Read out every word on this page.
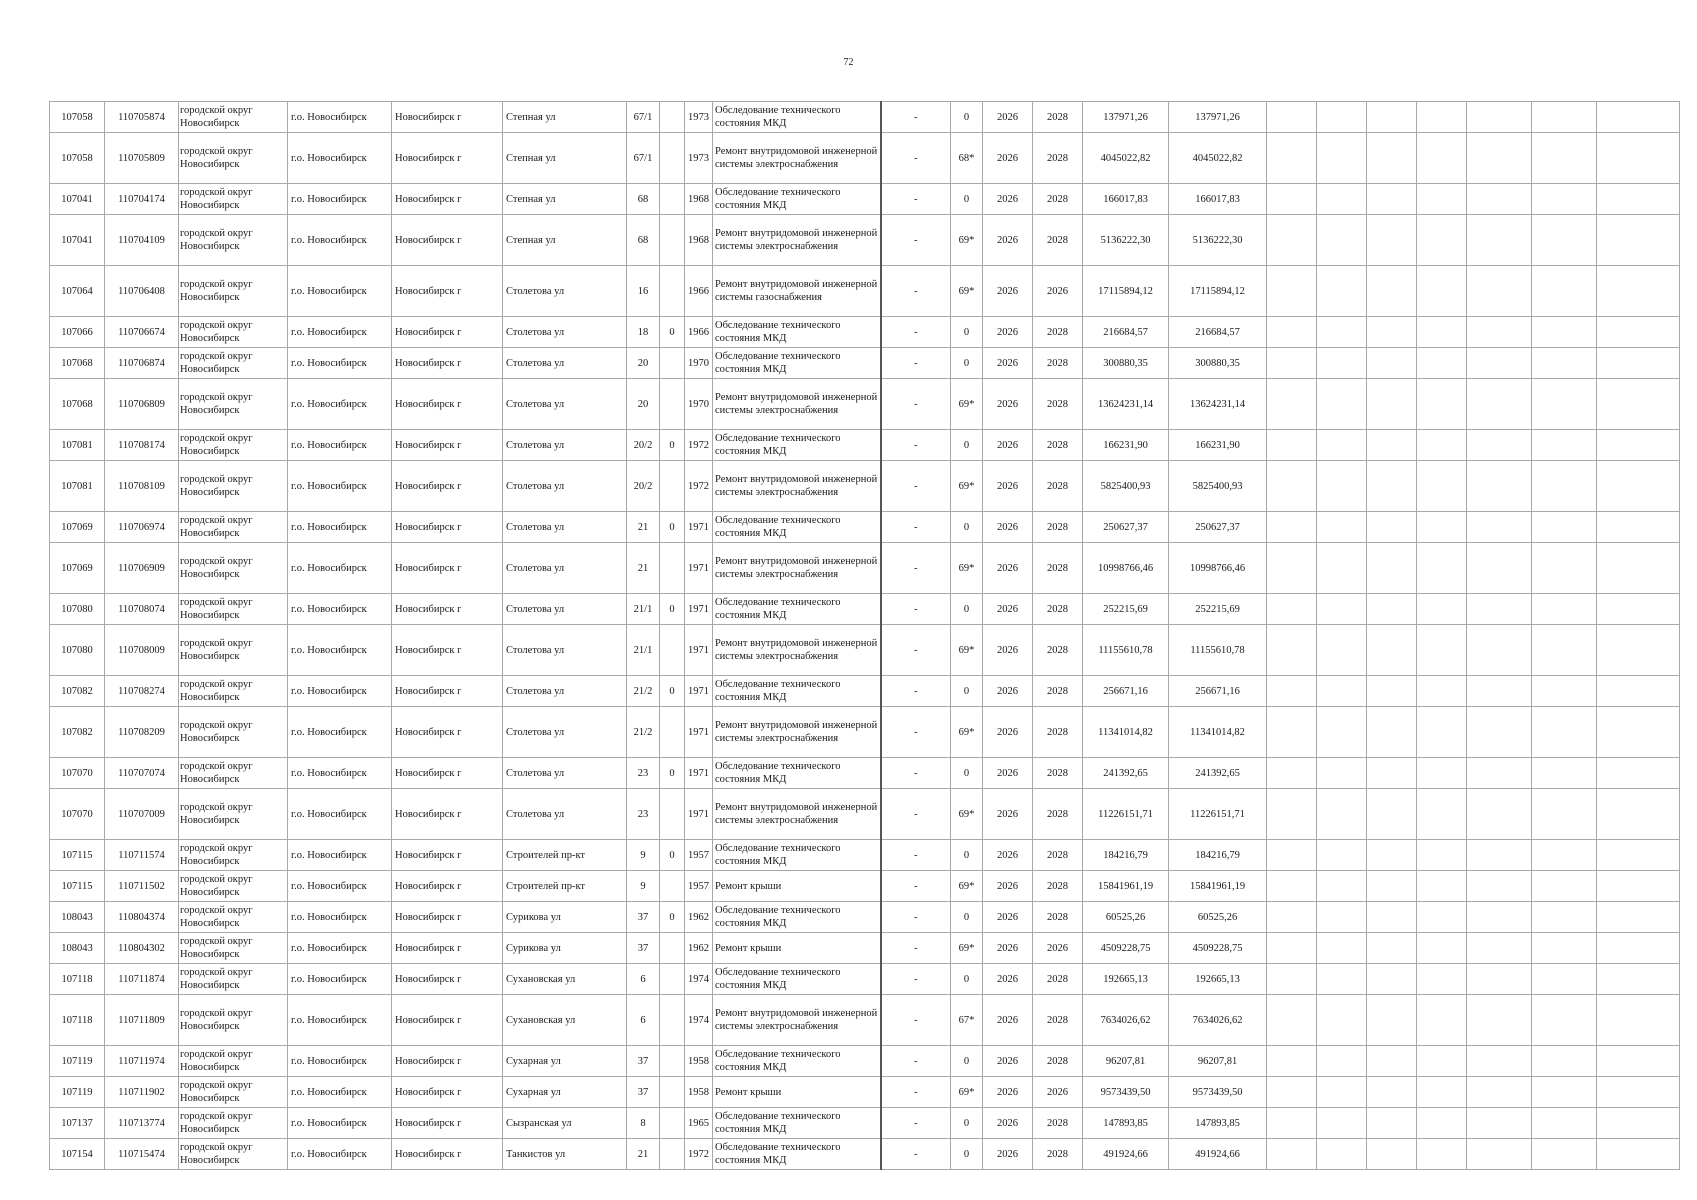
72
107058	110705874	городской округ Новосибирск	г.о. Новосибирск	Новосибирск г	Степная ул	67/1		1973	Обследование технического состояния МКД	-	0	2026	2028	137971,26	137971,26							
107058	110705809	городской округ Новосибирск	г.о. Новосибирск	Новосибирск г	Степная ул	67/1		1973	Ремонт внутридомовой инженерной системы электроснабжения	-	68*	2026	2028	4045022,82	4045022,82							
107041	110704174	городской округ Новосибирск	г.о. Новосибирск	Новосибирск г	Степная ул	68		1968	Обследование технического состояния МКД	-	0	2026	2028	166017,83	166017,83							
107041	110704109	городской округ Новосибирск	г.о. Новосибирск	Новосибирск г	Степная ул	68		1968	Ремонт внутридомовой инженерной системы электроснабжения	-	69*	2026	2028	5136222,30	5136222,30							
107064	110706408	городской округ Новосибирск	г.о. Новосибирск	Новосибирск г	Столетова ул	16		1966	Ремонт внутридомовой инженерной системы газоснабжения	-	69*	2026	2026	17115894,12	17115894,12							
107066	110706674	городской округ Новосибирск	г.о. Новосибирск	Новосибирск г	Столетова ул	18	0	1966	Обследование технического состояния МКД	-	0	2026	2028	216684,57	216684,57							
107068	110706874	городской округ Новосибирск	г.о. Новосибирск	Новосибирск г	Столетова ул	20		1970	Обследование технического состояния МКД	-	0	2026	2028	300880,35	300880,35							
107068	110706809	городской округ Новосибирск	г.о. Новосибирск	Новосибирск г	Столетова ул	20		1970	Ремонт внутридомовой инженерной системы электроснабжения	-	69*	2026	2028	13624231,14	13624231,14							
107081	110708174	городской округ Новосибирск	г.о. Новосибирск	Новосибирск г	Столетова ул	20/2	0	1972	Обследование технического состояния МКД	-	0	2026	2028	166231,90	166231,90							
107081	110708109	городской округ Новосибирск	г.о. Новосибирск	Новосибирск г	Столетова ул	20/2		1972	Ремонт внутридомовой инженерной системы электроснабжения	-	69*	2026	2028	5825400,93	5825400,93							
107069	110706974	городской округ Новосибирск	г.о. Новосибирск	Новосибирск г	Столетова ул	21	0	1971	Обследование технического состояния МКД	-	0	2026	2028	250627,37	250627,37							
107069	110706909	городской округ Новосибирск	г.о. Новосибирск	Новосибирск г	Столетова ул	21		1971	Ремонт внутридомовой инженерной системы электроснабжения	-	69*	2026	2028	10998766,46	10998766,46							
107080	110708074	городской округ Новосибирск	г.о. Новосибирск	Новосибирск г	Столетова ул	21/1	0	1971	Обследование технического состояния МКД	-	0	2026	2028	252215,69	252215,69							
107080	110708009	городской округ Новосибирск	г.о. Новосибирск	Новосибирск г	Столетова ул	21/1		1971	Ремонт внутридомовой инженерной системы электроснабжения	-	69*	2026	2028	11155610,78	11155610,78							
107082	110708274	городской округ Новосибирск	г.о. Новосибирск	Новосибирск г	Столетова ул	21/2	0	1971	Обследование технического состояния МКД	-	0	2026	2028	256671,16	256671,16							
107082	110708209	городской округ Новосибирск	г.о. Новосибирск	Новосибирск г	Столетова ул	21/2		1971	Ремонт внутридомовой инженерной системы электроснабжения	-	69*	2026	2028	11341014,82	11341014,82							
107070	110707074	городской округ Новосибирск	г.о. Новосибирск	Новосибирск г	Столетова ул	23	0	1971	Обследование технического состояния МКД	-	0	2026	2028	241392,65	241392,65							
107070	110707009	городской округ Новосибирск	г.о. Новосибирск	Новосибирск г	Столетова ул	23		1971	Ремонт внутридомовой инженерной системы электроснабжения	-	69*	2026	2028	11226151,71	11226151,71							
107115	110711574	городской округ Новосибирск	г.о. Новосибирск	Новосибирск г	Строителей пр-кт	9	0	1957	Обследование технического состояния МКД	-	0	2026	2028	184216,79	184216,79							
107115	110711502	городской округ Новосибирск	г.о. Новосибирск	Новосибирск г	Строителей пр-кт	9		1957	Ремонт крыши	-	69*	2026	2028	15841961,19	15841961,19							
108043	110804374	городской округ Новосибирск	г.о. Новосибирск	Новосибирск г	Сурикова ул	37	0	1962	Обследование технического состояния МКД	-	0	2026	2028	60525,26	60525,26							
108043	110804302	городской округ Новосибирск	г.о. Новосибирск	Новосибирск г	Сурикова ул	37		1962	Ремонт крыши	-	69*	2026	2026	4509228,75	4509228,75							
107118	110711874	городской округ Новосибирск	г.о. Новосибирск	Новосибирск г	Сухановская ул	6		1974	Обследование технического состояния МКД	-	0	2026	2028	192665,13	192665,13							
107118	110711809	городской округ Новосибирск	г.о. Новосибирск	Новосибирск г	Сухановская ул	6		1974	Ремонт внутридомовой инженерной системы электроснабжения	-	67*	2026	2028	7634026,62	7634026,62							
107119	110711974	городской округ Новосибирск	г.о. Новосибирск	Новосибирск г	Сухарная ул	37		1958	Обследование технического состояния МКД	-	0	2026	2028	96207,81	96207,81							
107119	110711902	городской округ Новосибирск	г.о. Новосибирск	Новосибирск г	Сухарная ул	37		1958	Ремонт крыши	-	69*	2026	2026	9573439,50	9573439,50							
107137	110713774	городской округ Новосибирск	г.о. Новосибирск	Новосибирск г	Сызранская ул	8		1965	Обследование технического состояния МКД	-	0	2026	2028	147893,85	147893,85							
107154	110715474	городской округ Новосибирск	г.о. Новосибирск	Новосибирск г	Танкистов ул	21		1972	Обследование технического состояния МКД	-	0	2026	2028	491924,66	491924,66							
